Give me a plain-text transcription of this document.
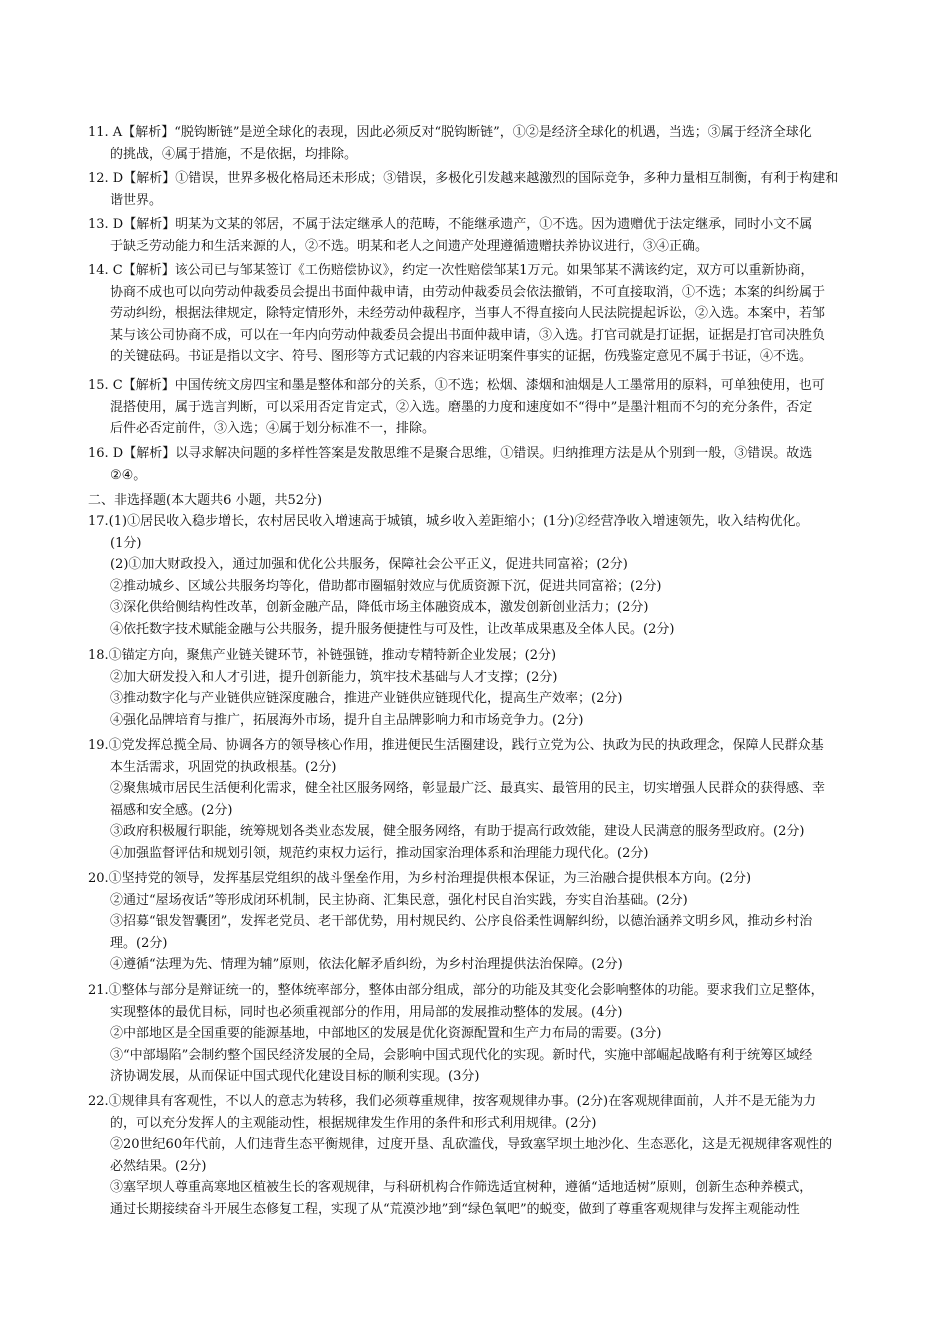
11. A【解析】“脱钩断链”是逆全球化的表现，因此必须反对“脱钩断链”，①②是经济全球化的机遇，当选；③属于经济全球化
的挑战，④属于措施，不是依据，均排除。
12. D【解析】①错误，世界多极化格局还未形成；③错误，多极化引发越来越激烈的国际竞争，多种力量相互制衡，有利于构建和
谐世界。
13. D【解析】明某为文某的邻居，不属于法定继承人的范畴，不能继承遗产，①不选。因为遗赠优于法定继承，同时小文不属
于缺乏劳动能力和生活来源的人，②不选。明某和老人之间遗产处理遵循遗赠扶养协议进行，③④正确。
14. C【解析】该公司已与邹某签订《工伤赔偿协议》，约定一次性赔偿邹某1万元。如果邹某不满该约定，双方可以重新协商，
协商不成也可以向劳动仲裁委员会提出书面仲裁申请，由劳动仲裁委员会依法撤销，不可直接取消，①不选；本案的纠纷属于
劳动纠纷，根据法律规定，除特定情形外，未经劳动仲裁程序，当事人不得直接向人民法院提起诉讼，②入选。本案中，若邹
某与该公司协商不成，可以在一年内向劳动仲裁委员会提出书面仲裁申请，③入选。打官司就是打证据，证据是打官司决胜负
的关键砝码。书证是指以文字、符号、图形等方式记载的内容来证明案件事实的证据，伤残鉴定意见不属于书证，④不选。
15. C【解析】中国传统文房四宝和墨是整体和部分的关系，①不选；松烟、漆烟和油烟是人工墨常用的原料，可单独使用，也可
混搭使用，属于选言判断，可以采用否定肯定式，②入选。磨墨的力度和速度如不“得中”是墨汁粗而不匀的充分条件，否定
后件必否定前件，③入选；④属于划分标准不一，排除。
16. D【解析】以寻求解决问题的多样性答案是发散思维不是聚合思维，①错误。归纳推理方法是从个别到一般，③错误。故选
②④。
二、非选择题(本大题共6 小题，共52分)
17.(1)①居民收入稳步增长，农村居民收入增速高于城镇，城乡收入差距缩小；(1分)②经营净收入增速领先，收入结构优化。
(1分)
(2)①加大财政投入，通过加强和优化公共服务，保障社会公平正义，促进共同富裕；(2分)
②推动城乡、区域公共服务均等化，借助都市圈辐射效应与优质资源下沉，促进共同富裕；(2分)
③深化供给侧结构性改革，创新金融产品，降低市场主体融资成本，激发创新创业活力；(2分)
④依托数字技术赋能金融与公共服务，提升服务便捷性与可及性，让改革成果惠及全体人民。(2分)
18.①锚定方向，聚焦产业链关键环节，补链强链，推动专精特新企业发展；(2分)
②加大研发投入和人才引进，提升创新能力，筑牢技术基础与人才支撑；(2分)
③推动数字化与产业链供应链深度融合，推进产业链供应链现代化，提高生产效率；(2分)
④强化品牌培育与推广，拓展海外市场，提升自主品牌影响力和市场竞争力。(2分)
19.①党发挥总揽全局、协调各方的领导核心作用，推进便民生活圈建设，践行立党为公、执政为民的执政理念，保障人民群众基
本生活需求，巩固党的执政根基。(2分)
②聚焦城市居民生活便利化需求，健全社区服务网络，彰显最广泛、最真实、最管用的民主，切实增强人民群众的获得感、幸
福感和安全感。(2分)
③政府积极履行职能，统筹规划各类业态发展，健全服务网络，有助于提高行政效能，建设人民满意的服务型政府。(2分)
④加强监督评估和规划引领，规范约束权力运行，推动国家治理体系和治理能力现代化。(2分)
20.①坚持党的领导，发挥基层党组织的战斗堡垒作用，为乡村治理提供根本保证，为三治融合提供根本方向。(2分)
②通过“屋场夜话”等形成闭环机制，民主协商、汇集民意，强化村民自治实践，夯实自治基础。(2分)
③招募“银发智囊团”，发挥老党员、老干部优势，用村规民约、公序良俗柔性调解纠纷，以德治涵养文明乡风，推动乡村治
理。(2分)
④遵循“法理为先、情理为辅”原则，依法化解矛盾纠纷，为乡村治理提供法治保障。(2分)
21.①整体与部分是辩证统一的，整体统率部分，整体由部分组成，部分的功能及其变化会影响整体的功能。要求我们立足整体，
实现整体的最优目标，同时也必须重视部分的作用，用局部的发展推动整体的发展。(4分)
②中部地区是全国重要的能源基地，中部地区的发展是优化资源配置和生产力布局的需要。(3分)
③“中部塌陷”会制约整个国民经济发展的全局，会影响中国式现代化的实现。新时代，实施中部崛起战略有利于统筹区域经
济协调发展，从而保证中国式现代化建设目标的顺利实现。(3分)
22.①规律具有客观性，不以人的意志为转移，我们必须尊重规律，按客观规律办事。(2分)在客观规律面前，人并不是无能为力
的，可以充分发挥人的主观能动性，根据规律发生作用的条件和形式利用规律。(2分)
②20世纪60年代前，人们违背生态平衡规律，过度开垦、乱砍滥伐，导致塞罕坝土地沙化、生态恶化，这是无视规律客观性的
必然结果。(2分)
③塞罕坝人尊重高寒地区植被生长的客观规律，与科研机构合作筛选适宜树种，遵循“适地适树”原则，创新生态种养模式，
通过长期接续奋斗开展生态修复工程，实现了从“荒漠沙地”到“绿色氧吧”的蜕变，做到了尊重客观规律与发挥主观能动性
